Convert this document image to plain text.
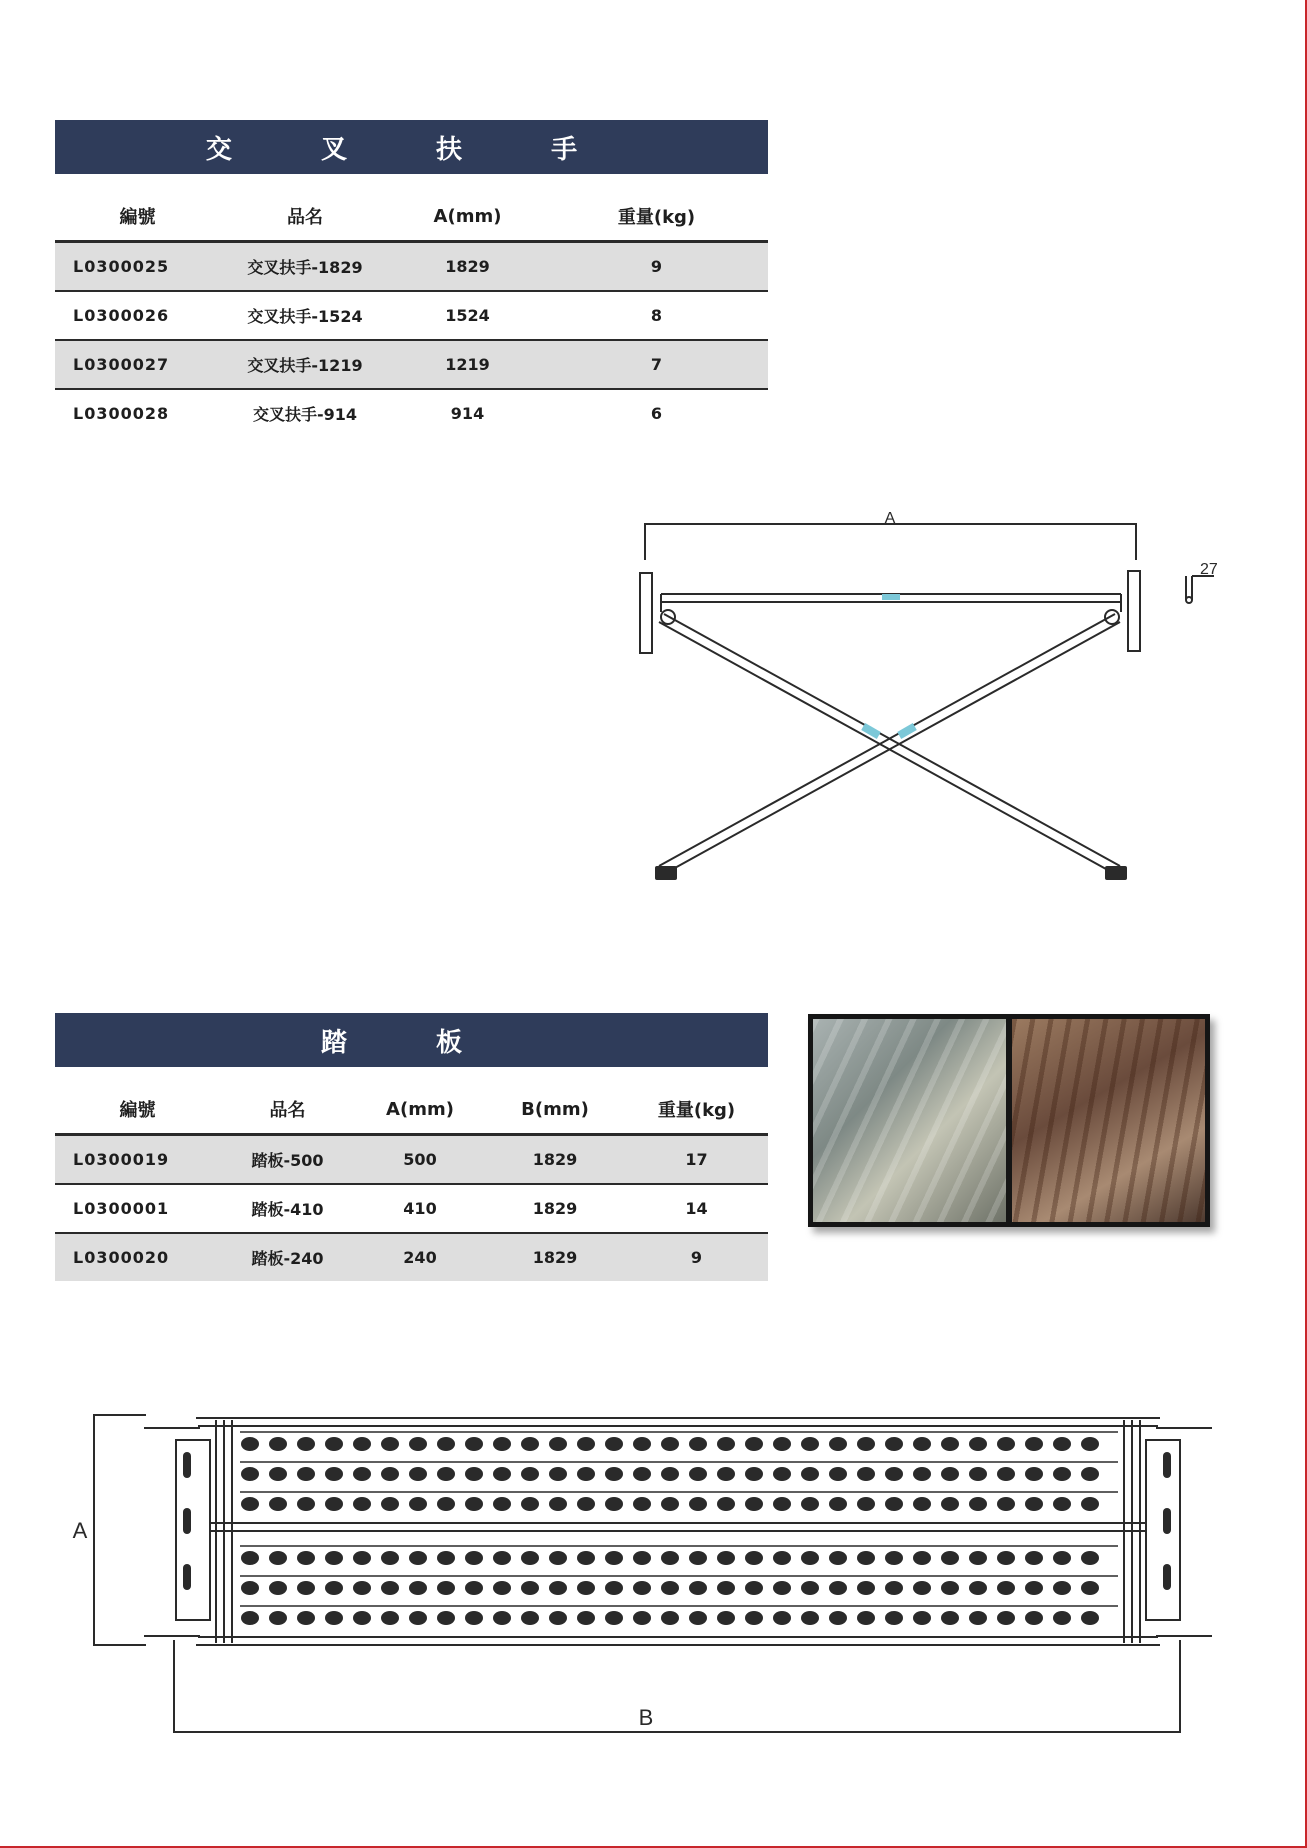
交 叉 扶 手
編號	品名	A(mm)	重量(kg)
L0300025	交叉扶手-1829	1829	9
L0300026	交叉扶手-1524	1524	8
L0300027	交叉扶手-1219	1219	7
L0300028	交叉扶手-914	914	6
A
27
踏 板
編號	品名	A(mm)	B(mm)	重量(kg)
L0300019	踏板-500	500	1829	17
L0300001	踏板-410	410	1829	14
L0300020	踏板-240	240	1829	9
A
B
